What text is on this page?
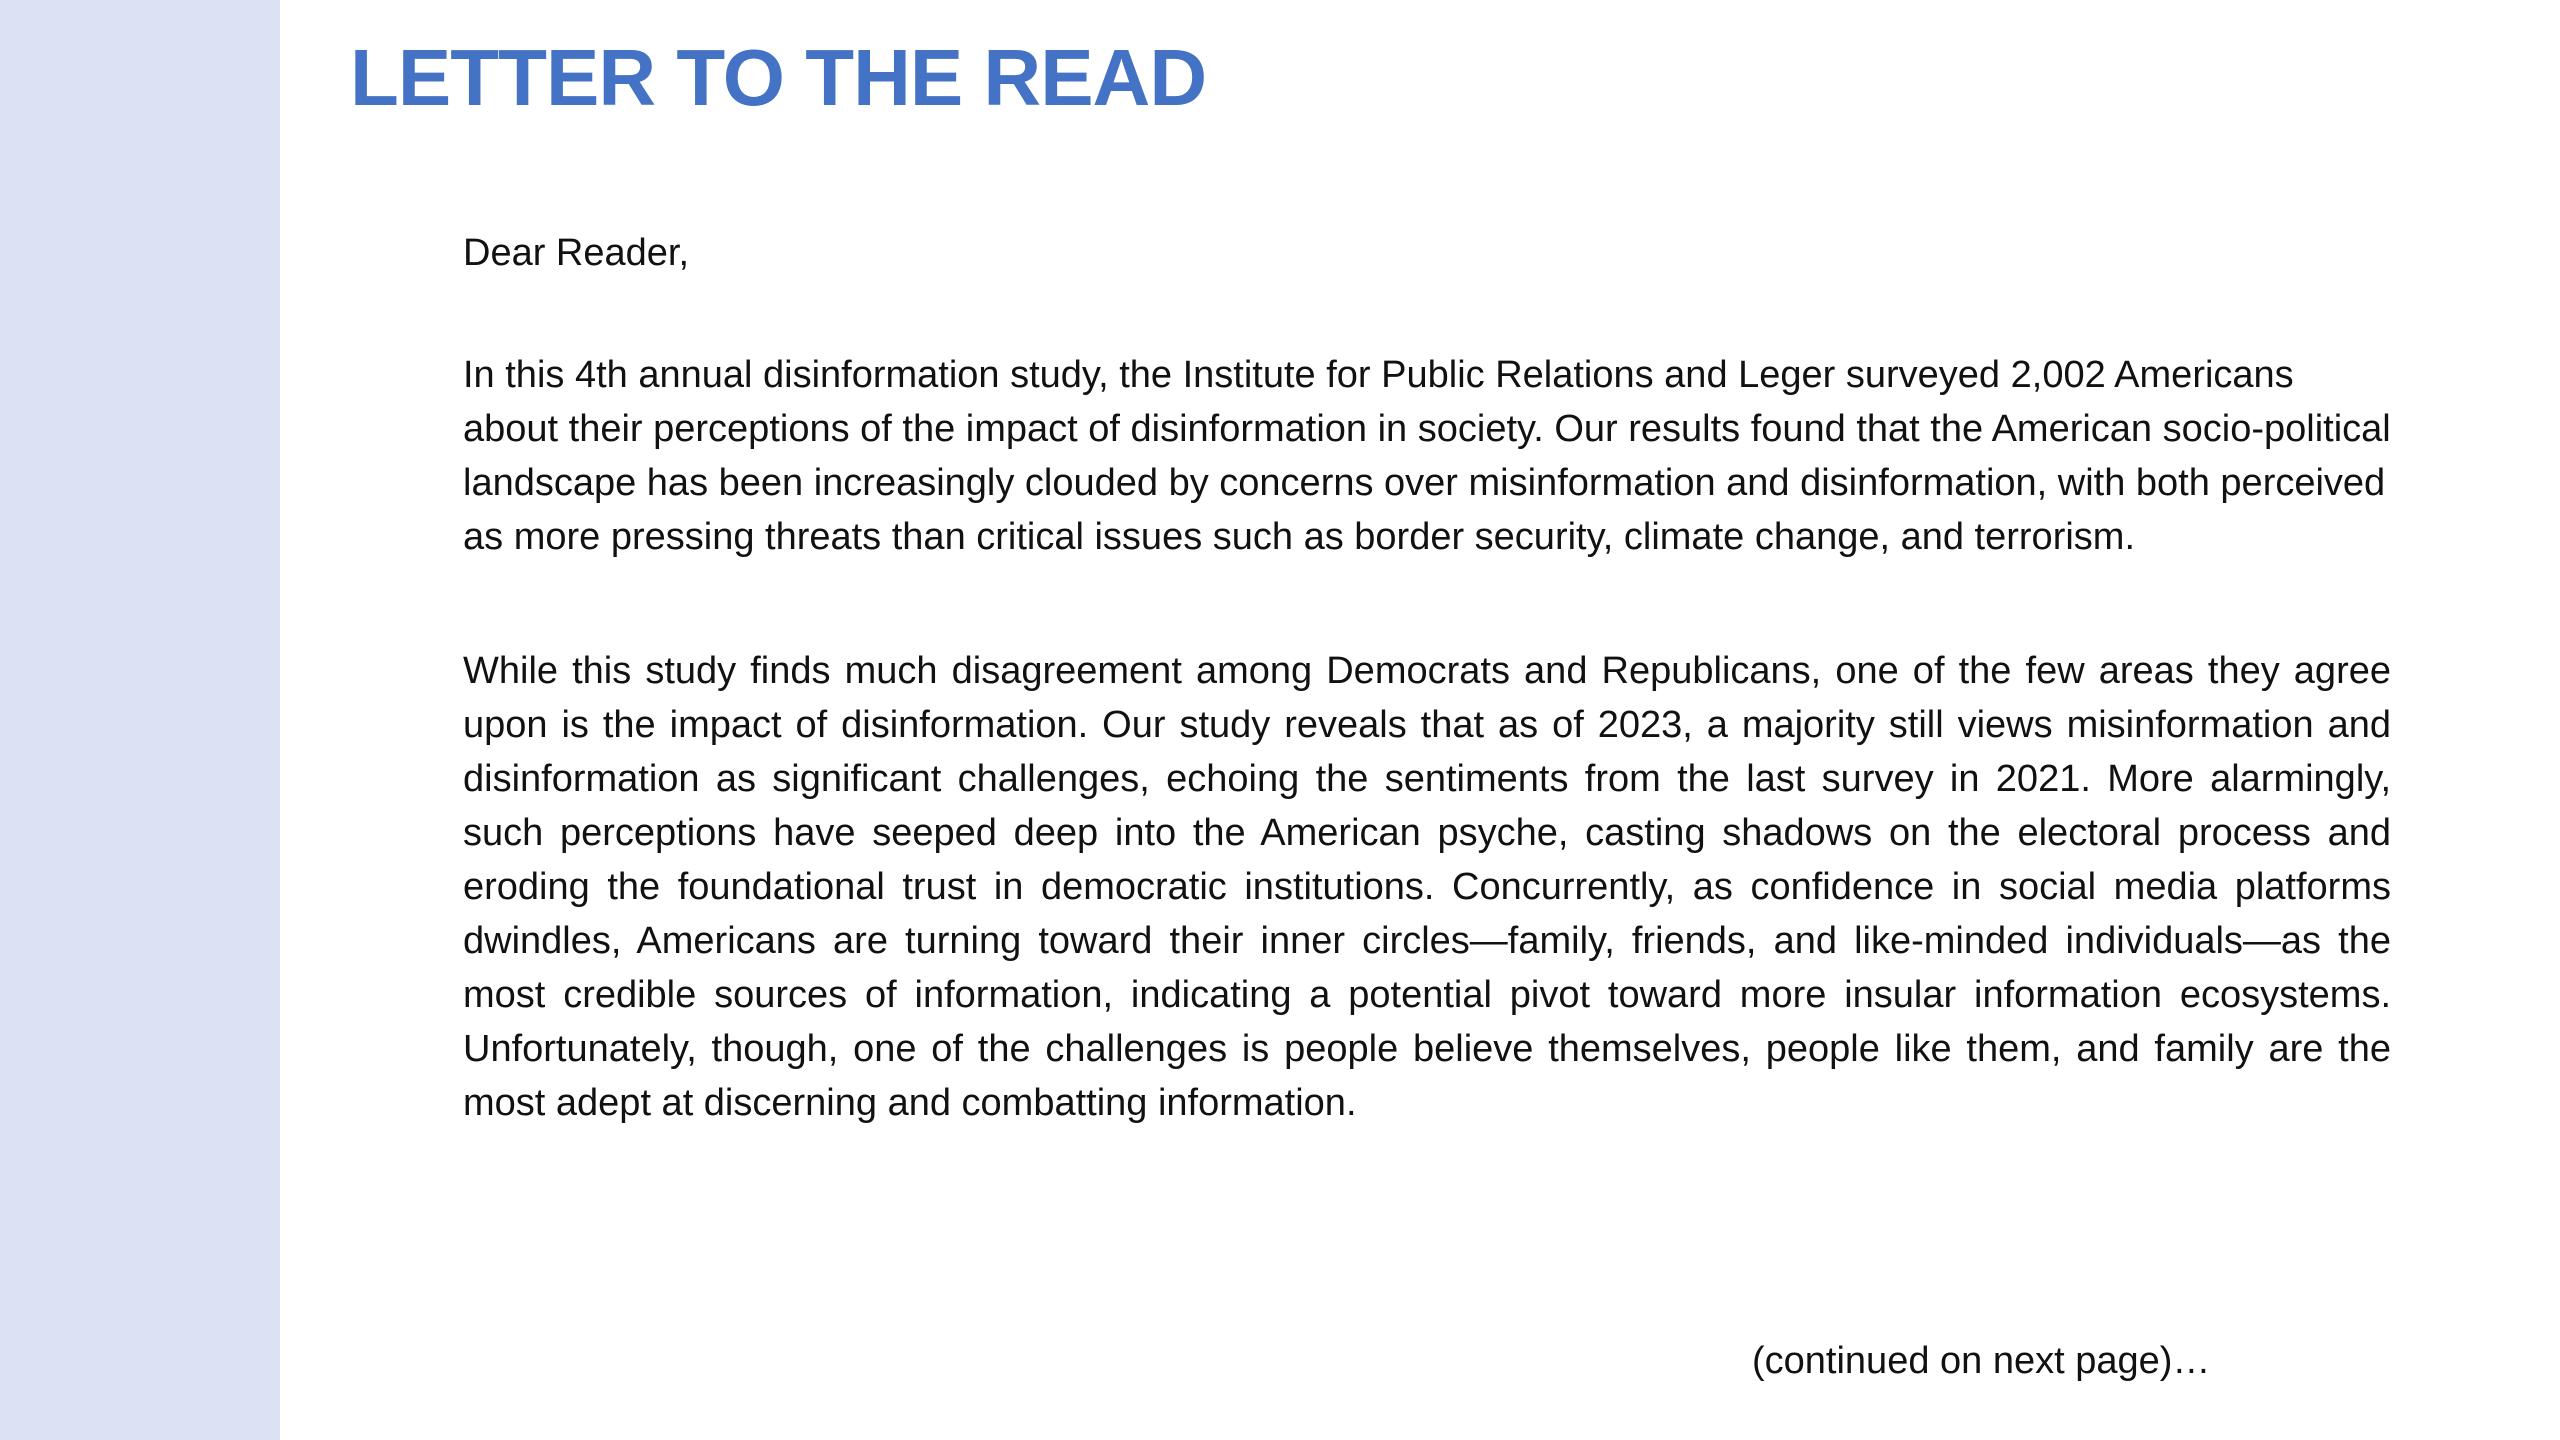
LETTER TO THE READ

Dear Reader,

In this 4th annual disinformation study, the Institute for Public Relations and Leger surveyed 2,002 Americans about their perceptions of the impact of disinformation in society. Our results found that the American socio-political landscape has been increasingly clouded by concerns over misinformation and disinformation, with both perceived as more pressing threats than critical issues such as border security, climate change, and terrorism.

While this study finds much disagreement among Democrats and Republicans, one of the few areas they agree upon is the impact of disinformation. Our study reveals that as of 2023, a majority still views misinformation and disinformation as significant challenges, echoing the sentiments from the last survey in 2021. More alarmingly, such perceptions have seeped deep into the American psyche, casting shadows on the electoral process and eroding the foundational trust in democratic institutions. Concurrently, as confidence in social media platforms dwindles, Americans are turning toward their inner circles—family, friends, and like-minded individuals—as the most credible sources of information, indicating a potential pivot toward more insular information ecosystems. Unfortunately, though, one of the challenges is people believe themselves, people like them, and family are the most adept at discerning and combatting information.

(continued on next page)…
